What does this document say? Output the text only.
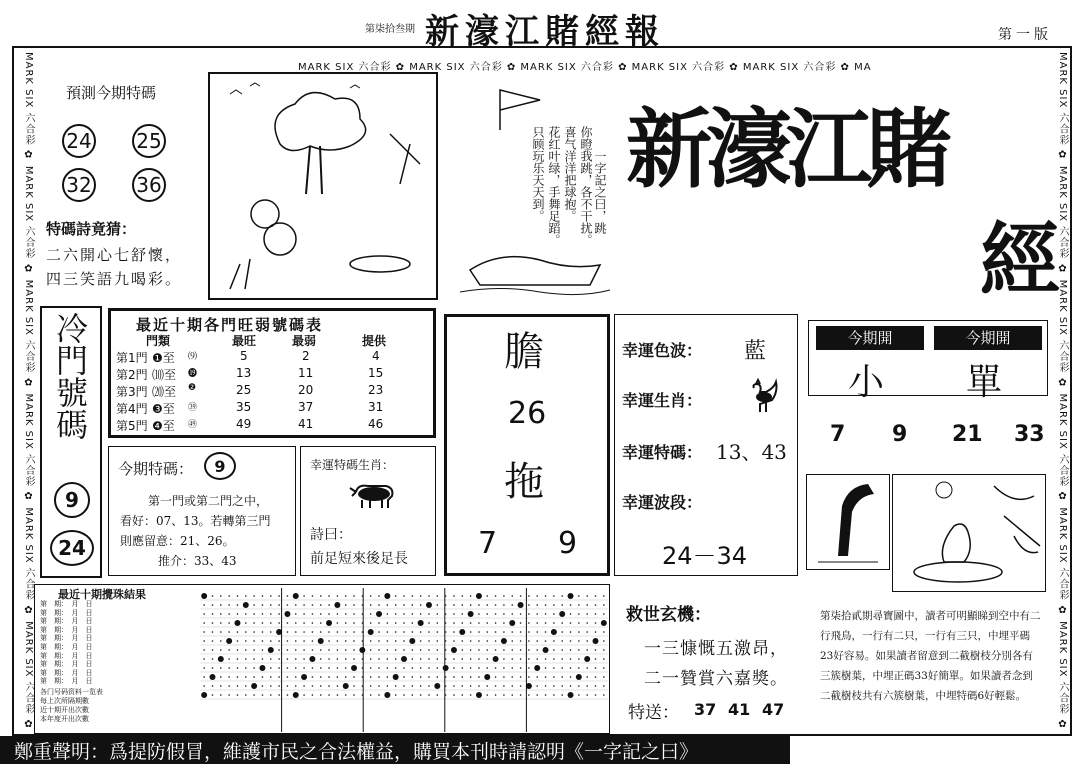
第柒拾叁期 新濠江賭經報	第一版
MARK SIX 六合彩 ✿ MARK SIX 六合彩 ✿ MARK SIX 六合彩 ✿ MARK SIX 六合彩 ✿ MARK SIX 六合彩 ✿ MARK SIX 六合彩 ✿	MARK SIX 六合彩 ✿ MARK SIX 六合彩 ✿ MARK SIX 六合彩 ✿ MARK SIX 六合彩 ✿ MARK SIX 六合彩 ✿ MARK SIX 六合彩 ✿
MARK SIX 六合彩 ✿ MARK SIX 六合彩 ✿ MARK SIX 六合彩 ✿ MARK SIX 六合彩 ✿ MARK SIX 六合彩 ✿ MA
預測今期特碼
24 25
32 36
特碼詩竟猜：
二六開心七舒懷，
四三笑語九喝彩。
你瞪我跳，各不干扰。
喜气洋洋把球抱。
花红叶绿，手舞足蹈。
只顾玩乐天天到。	一字記之曰，跳 新濠江賭
經
冷門號碼
9
24
最近十期各門旺弱號碼表
門類	最旺	最弱	提供
第1門 ❶至 ⑼	5	2	4
第2門 ⑽至 ⓳	13	11	15
第3門 ⒇至 ❷	25	20	23
第4門 ❸至 ㊴	35	37	31
第5門 ❹至 ㊾	49	41	46
今期特碼：	9
第一門或第二門之中，
看好：07、13。若轉第三門
則應留意：21、26。
推介：33、43
幸運特碼生肖：
詩曰：
前足短來後足長
膽
26
拖
7 9
幸運色波： 藍
幸運生肖：
幸運特碼： 13、43
幸運波段：
24－34
今期開	今期開
小 單
7 9 21 33
第柒拾貳期尋寶圖中，讀者可明顯睇到空中有二行飛鳥，一行有二只，一行有三只，中埋平碼23好容易。如果讀者留意到二截樹枝分別各有三簇樹葉，中埋正碼33好簡單。如果讀者念到二截樹枝共有六簇樹葉，中埋特碼6好輕鬆。
救世玄機：
一三慷慨五激昂，
二一贊賞六嘉獎。
特送： 37 41 47
最近十期攪珠結果
第　期：　月　日
第　期：　月　日
第　期：　月　日
第　期：　月　日
第　期：　月　日
第　期：　月　日
第　期：　月　日
第　期：　月　日
第　期：　月　日
第　期：　月　日
各门号码资料一览表
每上次所隔期數
近十期开出次數
本年度开出次數
鄭重聲明：爲提防假冒，維護市民之合法權益，購買本刊時請認明《一字記之曰》
